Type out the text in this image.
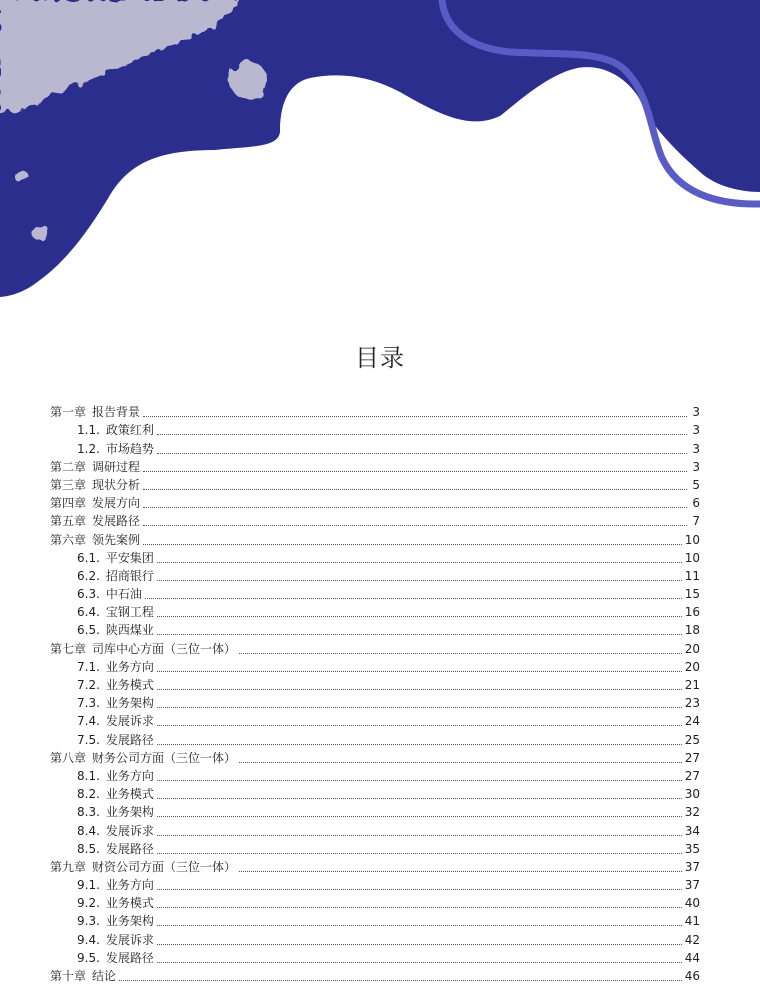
目录
第一章 报告背景	3
1.1. 政策红利	3
1.2. 市场趋势	3
第二章 调研过程	3
第三章 现状分析	5
第四章 发展方向	6
第五章 发展路径	7
第六章 领先案例	10
6.1. 平安集团	10
6.2. 招商银行	11
6.3. 中石油	15
6.4. 宝钢工程	16
6.5. 陕西煤业	18
第七章 司库中心方面（三位一体）	20
7.1. 业务方向	20
7.2. 业务模式	21
7.3. 业务架构	23
7.4. 发展诉求	24
7.5. 发展路径	25
第八章 财务公司方面（三位一体）	27
8.1. 业务方向	27
8.2. 业务模式	30
8.3. 业务架构	32
8.4. 发展诉求	34
8.5. 发展路径	35
第九章 财资公司方面（三位一体）	37
9.1. 业务方向	37
9.2. 业务模式	40
9.3. 业务架构	41
9.4. 发展诉求	42
9.5. 发展路径	44
第十章 结论	46
